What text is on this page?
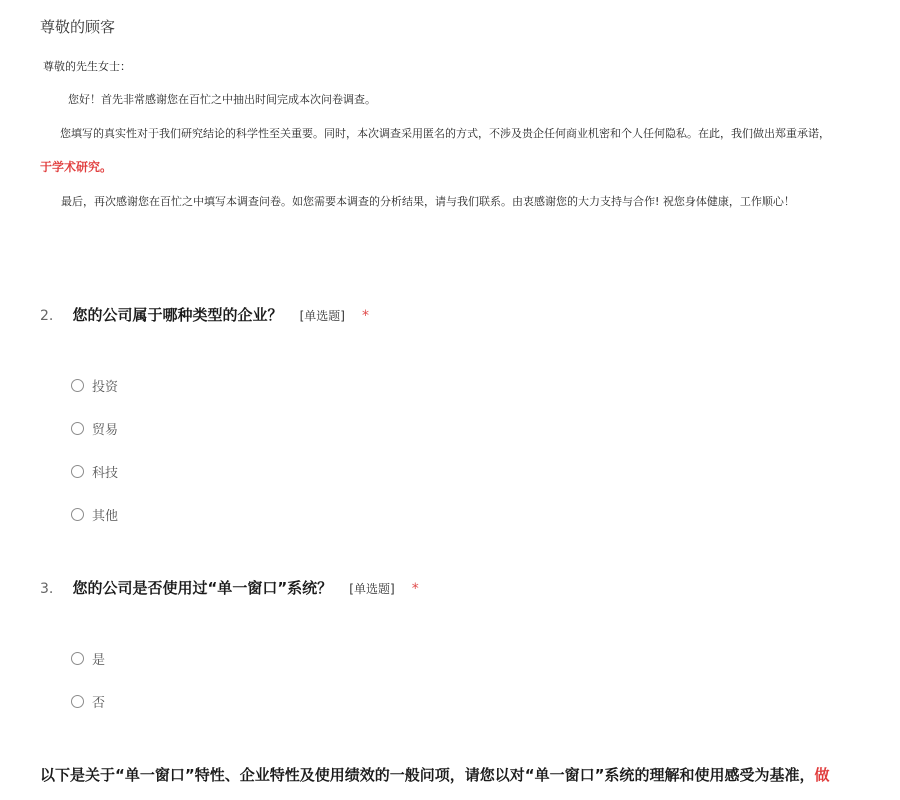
尊敬的顾客
尊敬的先生女士：
您好！首先非常感谢您在百忙之中抽出时间完成本次问卷调查。
您填写的真实性对于我们研究结论的科学性至关重要。同时，本次调查采用匿名的方式，不涉及贵企任何商业机密和个人任何隐私。在此，我们做出郑重承诺，
于学术研究。
最后，再次感谢您在百忙之中填写本调查问卷。如您需要本调查的分析结果，请与我们联系。由衷感谢您的大力支持与合作! 祝您身体健康，工作顺心！
2. 您的公司属于哪种类型的企业？ [单选题] *
投资
贸易
科技
其他
3. 您的公司是否使用过“单一窗口”系统？ [单选题] *
是
否
以下是关于“单一窗口”特性、企业特性及使用绩效的一般问项，请您以对“单一窗口”系统的理解和使用感受为基准，做
